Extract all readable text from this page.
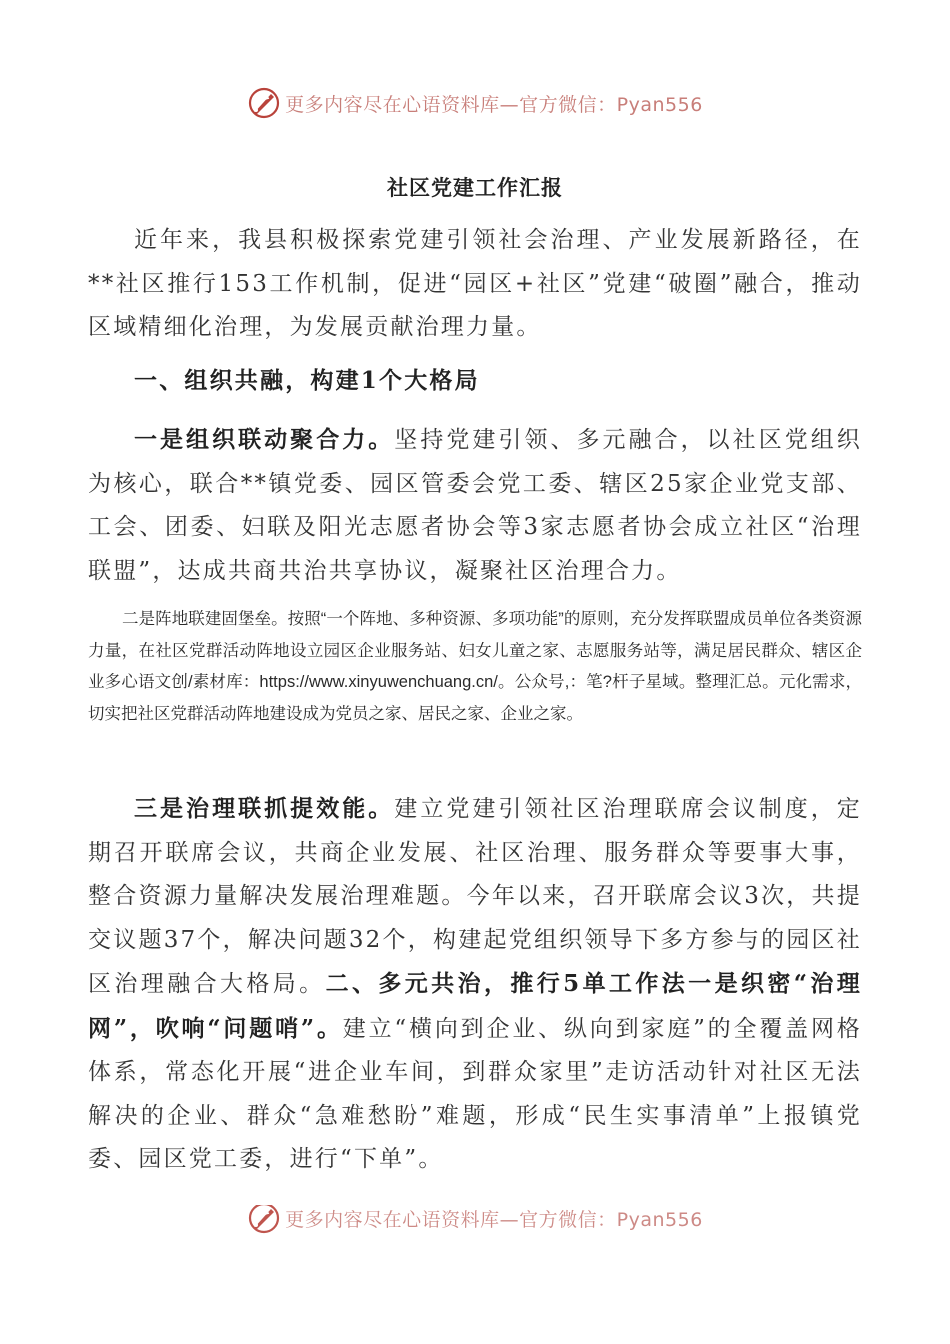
更多内容尽在心语资料库—官方微信：Pyan556
社区党建工作汇报

近年来，我县积极探索党建引领社会治理、产业发展新路径，在**社区推行153工作机制，促进“园区+社区”党建“破圈”融合，推动区域精细化治理，为发展贡献治理力量。

一、组织共融，构建1个大格局

一是组织联动聚合力。坚持党建引领、多元融合，以社区党组织为核心，联合**镇党委、园区管委会党工委、辖区25家企业党支部、工会、团委、妇联及阳光志愿者协会等3家志愿者协会成立社区“治理联盟”，达成共商共治共享协议，凝聚社区治理合力。

二是阵地联建固堡垒。按照“一个阵地、多种资源、多项功能”的原则，充分发挥联盟成员单位各类资源力量，在社区党群活动阵地设立园区企业服务站、妇女儿童之家、志愿服务站等，满足居民群众、辖区企业多心语文创/素材库：https://www.xinyuwenchuang.cn/。公众号,：笔?杆子星域。整理汇总。元化需求，切实把社区党群活动阵地建设成为党员之家、居民之家、企业之家。

三是治理联抓提效能。建立党建引领社区治理联席会议制度，定期召开联席会议，共商企业发展、社区治理、服务群众等要事大事，整合资源力量解决发展治理难题。今年以来，召开联席会议3次，共提交议题37个，解决问题32个，构建起党组织领导下多方参与的园区社区治理融合大格局。二、多元共治，推行5单工作法一是织密“治理网”，吹响“问题哨”。建立“横向到企业、纵向到家庭”的全覆盖网格体系，常态化开展“进企业车间，到群众家里”走访活动针对社区无法解决的企业、群众“急难愁盼”难题，形成“民生实事清单”上报镇党委、园区党工委，进行“下单”。

更多内容尽在心语资料库—官方微信：Pyan556
